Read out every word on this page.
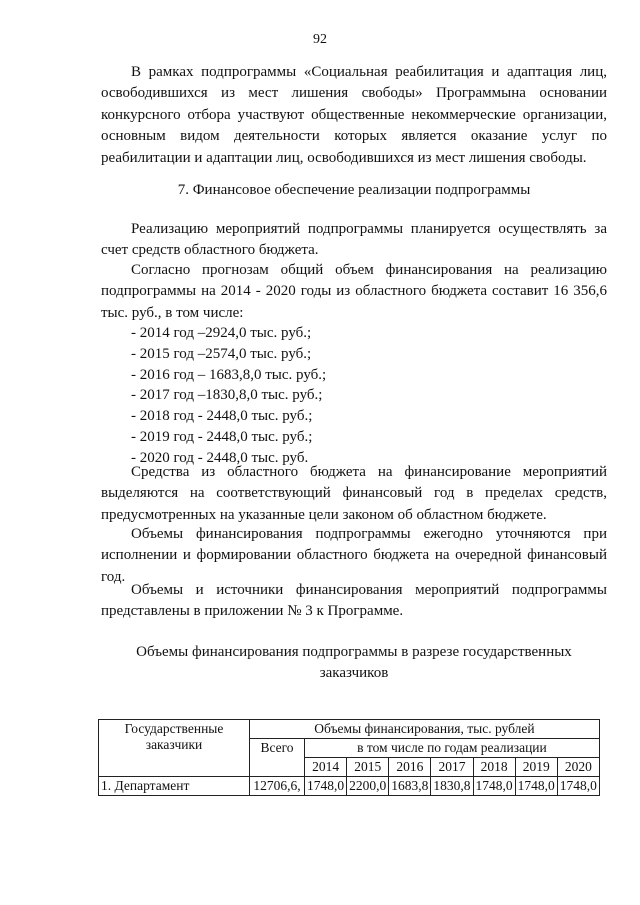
92
В рамках подпрограммы «Социальная реабилитация и адаптация лиц, освободившихся из мест лишения свободы» Программына основании конкурсного отбора участвуют общественные некоммерческие организации, основным видом деятельности которых является оказание услуг по реабилитации и адаптации лиц, освободившихся из мест лишения свободы.
7. Финансовое обеспечение реализации подпрограммы
Реализацию мероприятий подпрограммы планируется осуществлять за счет средств областного бюджета.
Согласно прогнозам общий объем финансирования на реализацию подпрограммы на 2014 - 2020 годы из областного бюджета составит 16 356,6 тыс. руб., в том числе:
- 2014 год –2924,0 тыс. руб.;
- 2015 год –2574,0 тыс. руб.;
- 2016 год – 1683,8,0 тыс. руб.;
- 2017 год –1830,8,0 тыс. руб.;
- 2018 год - 2448,0 тыс. руб.;
- 2019 год - 2448,0 тыс. руб.;
- 2020 год - 2448,0 тыс. руб.
Средства из областного бюджета на финансирование мероприятий выделяются на соответствующий финансовый год в пределах средств, предусмотренных на указанные цели законом об областном бюджете.
Объемы финансирования подпрограммы ежегодно уточняются при исполнении и формировании областного бюджета на очередной финансовый год.
Объемы и источники финансирования мероприятий подпрограммы представлены в приложении № 3 к Программе.
Объемы финансирования подпрограммы в разрезе государственных заказчиков
Государственные заказчики	Объемы финансирования, тыс. рублей							
	Всего	в том числе по годам реализации						
		2014	2015	2016	2017	2018	2019	2020
1. Департамент	12706,6,	1748,0	2200,0	1683,8	1830,8	1748,0	1748,0	1748,0
